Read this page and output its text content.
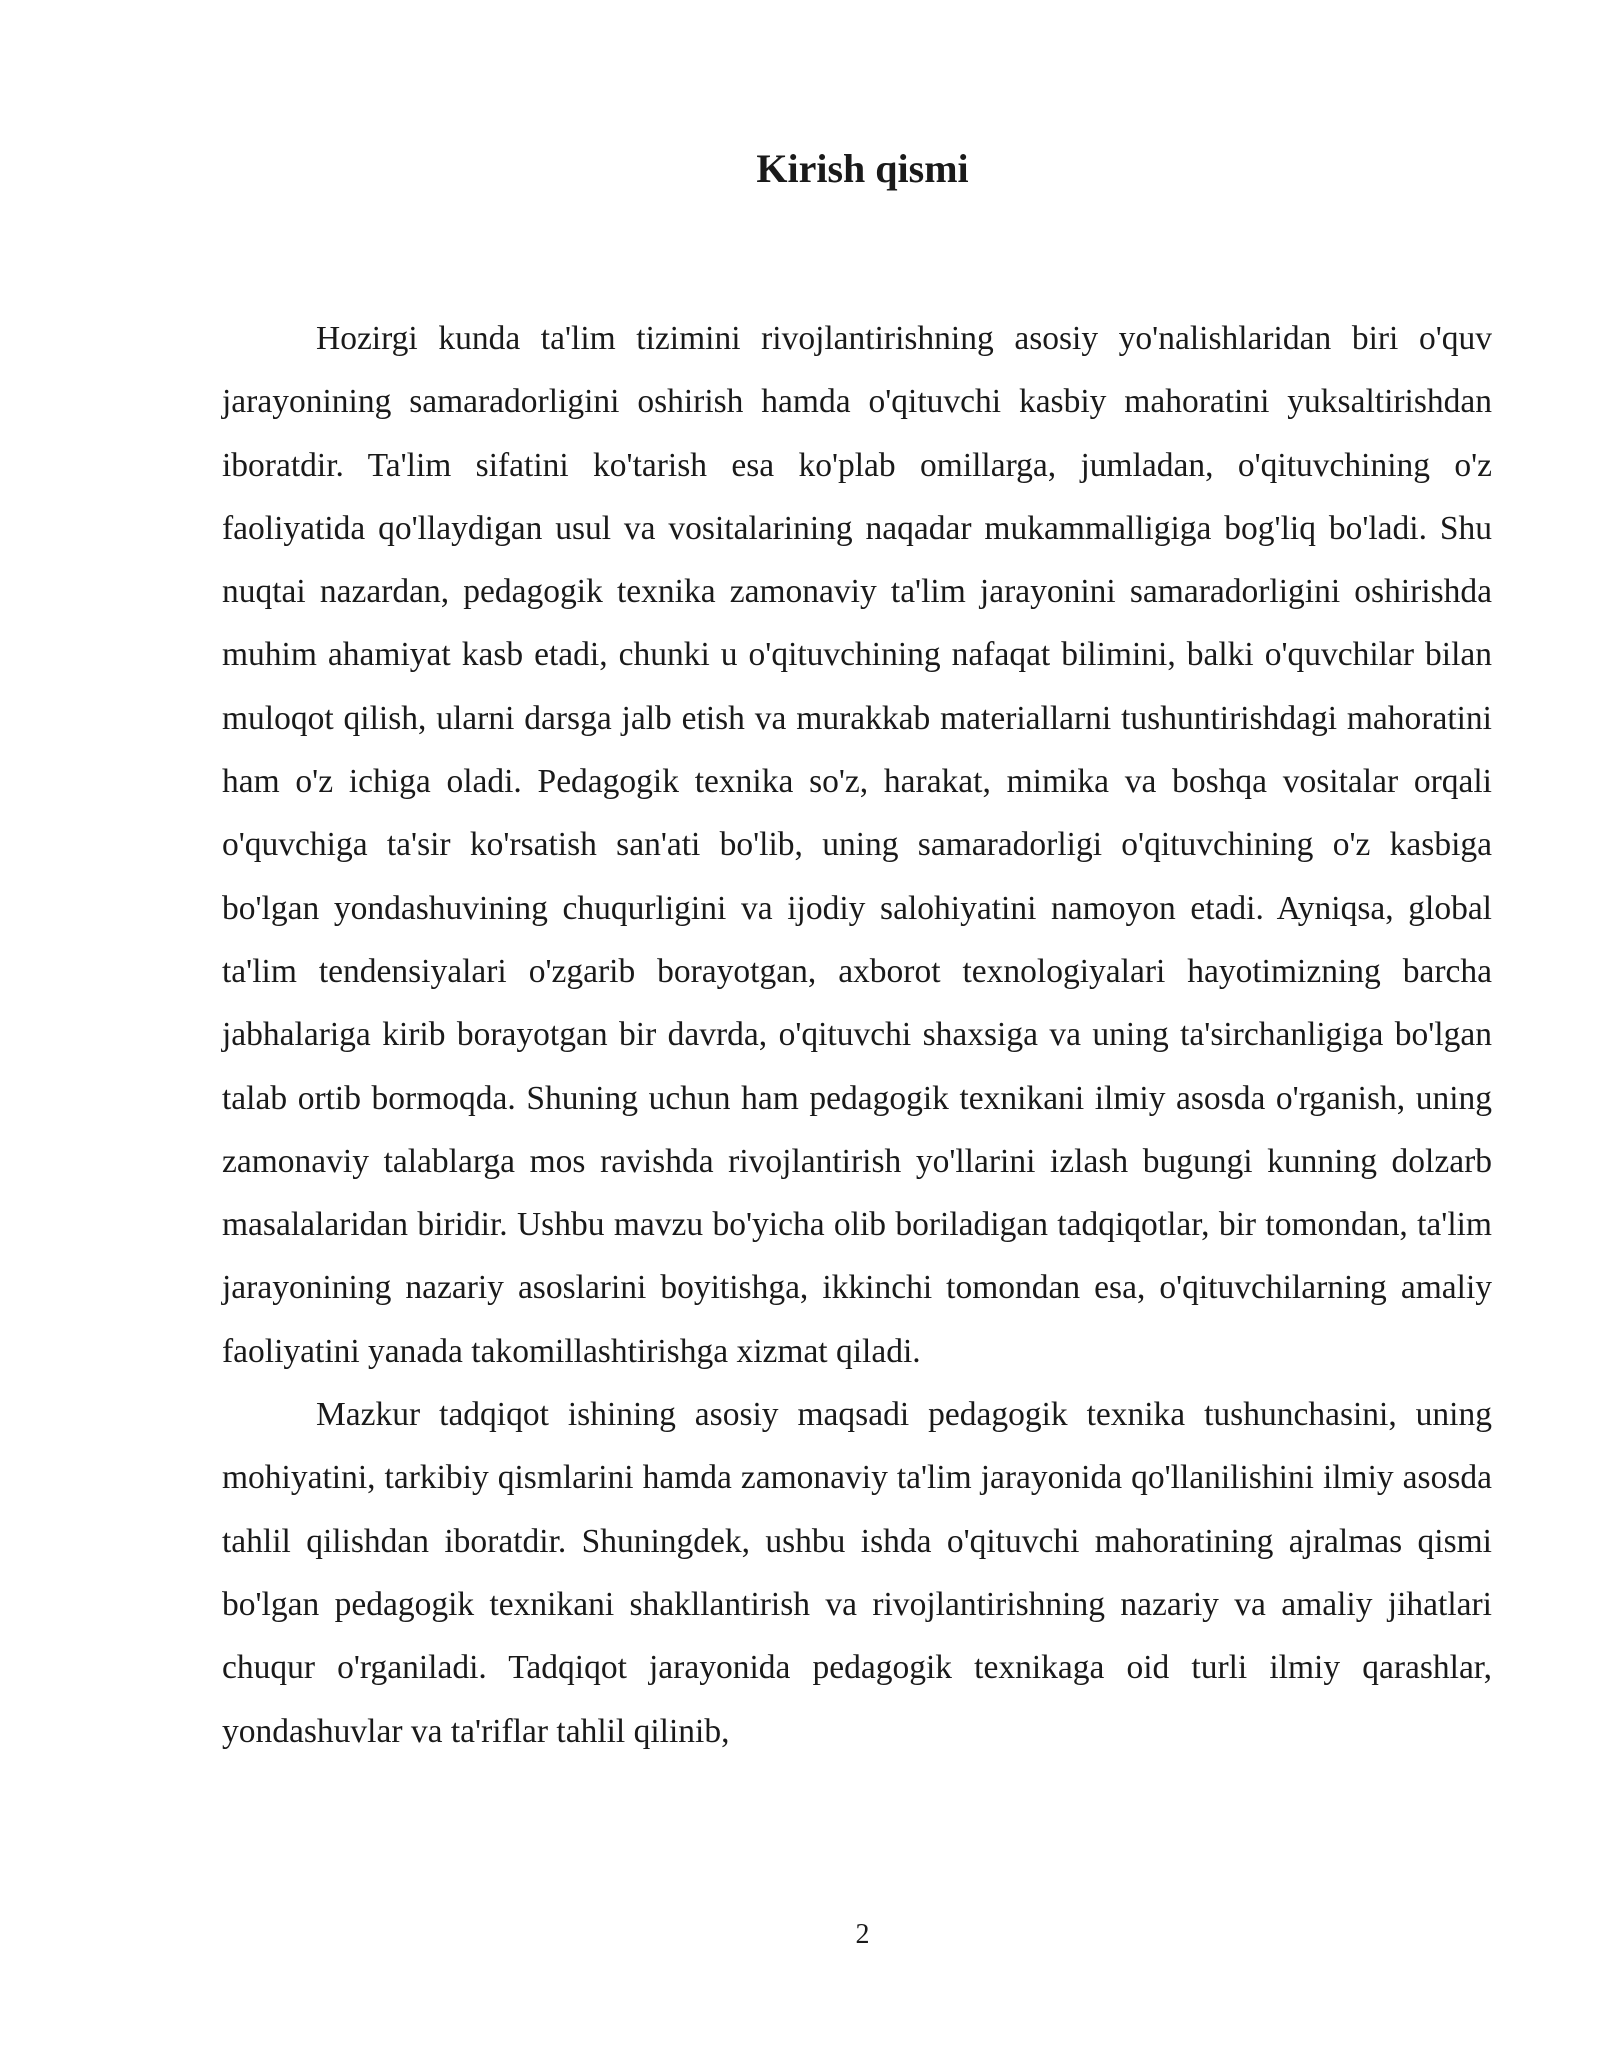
Kirish qismi

Hozirgi kunda ta'lim tizimini rivojlantirishning asosiy yo'nalishlaridan biri o'quv jarayonining samaradorligini oshirish hamda o'qituvchi kasbiy mahoratini yuksaltirishdan iboratdir. Ta'lim sifatini ko'tarish esa ko'plab omillarga, jumladan, o'qituvchining o'z faoliyatida qo'llaydigan usul va vositalarining naqadar mukammalligiga bog'liq bo'ladi. Shu nuqtai nazardan, pedagogik texnika zamonaviy ta'lim jarayonini samaradorligini oshirishda muhim ahamiyat kasb etadi, chunki u o'qituvchining nafaqat bilimini, balki o'quvchilar bilan muloqot qilish, ularni darsga jalb etish va murakkab materiallarni tushuntirishdagi mahoratini ham o'z ichiga oladi. Pedagogik texnika so'z, harakat, mimika va boshqa vositalar orqali o'quvchiga ta'sir ko'rsatish san'ati bo'lib, uning samaradorligi o'qituvchining o'z kasbiga bo'lgan yondashuvining chuqurligini va ijodiy salohiyatini namoyon etadi. Ayniqsa, global ta'lim tendensiyalari o'zgarib borayotgan, axborot texnologiyalari hayotimizning barcha jabhalariga kirib borayotgan bir davrda, o'qituvchi shaxsiga va uning ta'sirchanligiga bo'lgan talab ortib bormoqda. Shuning uchun ham pedagogik texnikani ilmiy asosda o'rganish, uning zamonaviy talablarga mos ravishda rivojlantirish yo'llarini izlash bugungi kunning dolzarb masalalaridan biridir. Ushbu mavzu bo'yicha olib boriladigan tadqiqotlar, bir tomondan, ta'lim jarayonining nazariy asoslarini boyitishga, ikkinchi tomondan esa, o'qituvchilarning amaliy faoliyatini yanada takomillashtirishga xizmat qiladi.

Mazkur tadqiqot ishining asosiy maqsadi pedagogik texnika tushunchasini, uning mohiyatini, tarkibiy qismlarini hamda zamonaviy ta'lim jarayonida qo'llanilishini ilmiy asosda tahlil qilishdan iboratdir. Shuningdek, ushbu ishda o'qituvchi mahoratining ajralmas qismi bo'lgan pedagogik texnikani shakllantirish va rivojlantirishning nazariy va amaliy jihatlari chuqur o'rganiladi. Tadqiqot jarayonida pedagogik texnikaga oid turli ilmiy qarashlar, yondashuvlar va ta'riflar tahlil qilinib,

2
